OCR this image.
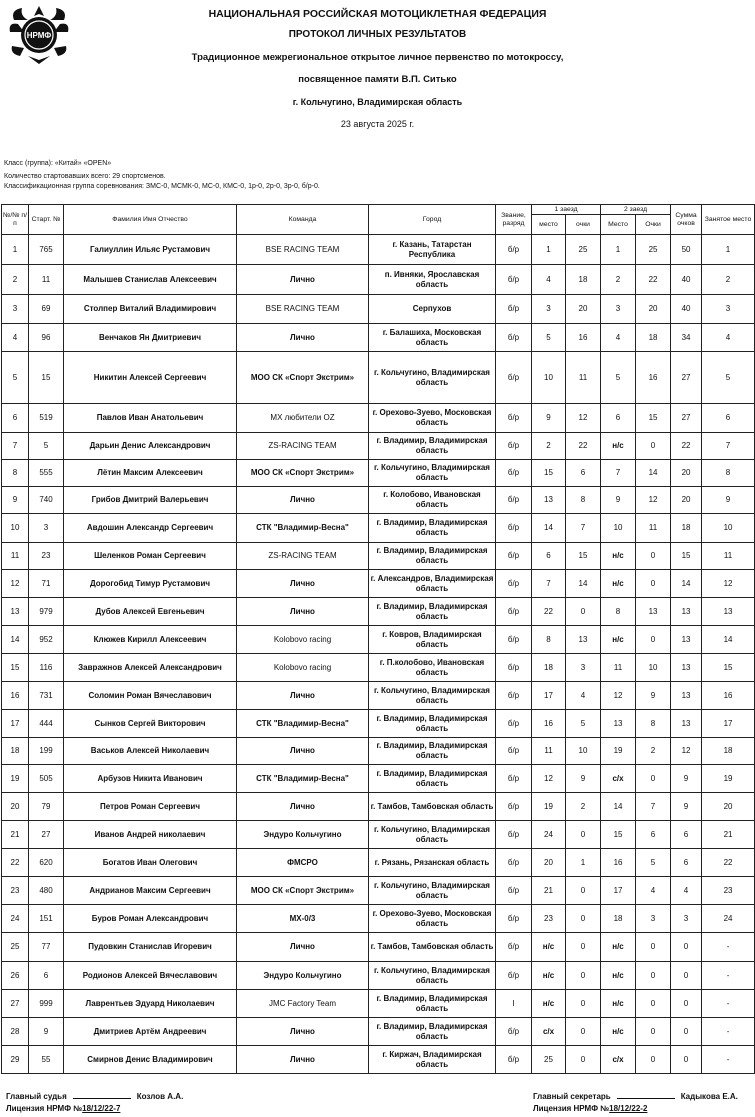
НРМФ
НАЦИОНАЛЬНАЯ РОССИЙСКАЯ МОТОЦИКЛЕТНАЯ ФЕДЕРАЦИЯ
ПРОТОКОЛ ЛИЧНЫХ РЕЗУЛЬТАТОВ
Традиционное межрегиональное открытое личное первенство по мотокроссу,
посвященное памяти В.П. Ситько
г. Кольчугино, Владимирская область
23 августа 2025 г.
Класс (группа): «Китай» «OPEN»
Количество стартовавших всего: 29 спортсменов.
Классификационная группа соревнования: ЗМС-0, МСМК-0, МС-0, КМС-0, 1р-0, 2р-0, 3р-0, б/р-0.
№/№ п/п	Старт. №	Фамилия Имя Отчество	Команда	Город	Звание, разряд	1 заезд		2 заезд		Сумма очков	Занятое место
						место	очки	Место	Очки		
1	765	Галиуллин Ильяс Рустамович	BSE RACING TEAM	г. Казань, Татарстан Республика	б/р	1	25	1	25	50	1
2	11	Малышев Станислав Алексеевич	Лично	п. Ивняки, Ярославская область	б/р	4	18	2	22	40	2
3	69	Столпер Виталий Владимирович	BSE RACING TEAM	Серпухов	б/р	3	20	3	20	40	3
4	96	Венчаков Ян Дмитриевич	Лично	г. Балашиха, Московская область	б/р	5	16	4	18	34	4
5	15	Никитин Алексей Сергеевич	МОО СК «Спорт Экстрим»	г. Кольчугино, Владимирская область	б/р	10	11	5	16	27	5
6	519	Павлов Иван Анатольевич	MX любители OZ	г. Орехово-Зуево, Московская область	б/р	9	12	6	15	27	6
7	5	Дарьин Денис Александрович	ZS-RACING TEAM	г. Владимир, Владимирская область	б/р	2	22	н/с	0	22	7
8	555	Лётин Максим Алексеевич	МОО СК «Спорт Экстрим»	г. Кольчугино, Владимирская область	б/р	15	6	7	14	20	8
9	740	Грибов Дмитрий Валерьевич	Лично	г. Колобово, Ивановская область	б/р	13	8	9	12	20	9
10	3	Авдошин Александр Сергеевич	СТК "Владимир-Весна"	г. Владимир, Владимирская область	б/р	14	7	10	11	18	10
11	23	Шеленков Роман Сергеевич	ZS-RACING TEAM	г. Владимир, Владимирская область	б/р	6	15	н/с	0	15	11
12	71	Дорогобид Тимур Рустамович	Лично	г. Александров, Владимирская область	б/р	7	14	н/с	0	14	12
13	979	Дубов Алексей Евгеньевич	Лично	г. Владимир, Владимирская область	б/р	22	0	8	13	13	13
14	952	Клюжев Кирилл Алексеевич	Kolobovo racing	г. Ковров, Владимирская область	б/р	8	13	н/с	0	13	14
15	116	Завражнов Алексей Александрович	Kolobovo racing	г. П.колобово, Ивановская область	б/р	18	3	11	10	13	15
16	731	Соломин Роман Вячеславович	Лично	г. Кольчугино, Владимирская область	б/р	17	4	12	9	13	16
17	444	Сынков Сергей Викторович	СТК "Владимир-Весна"	г. Владимир, Владимирская область	б/р	16	5	13	8	13	17
18	199	Васьков Алексей Николаевич	Лично	г. Владимир, Владимирская область	б/р	11	10	19	2	12	18
19	505	Арбузов Никита Иванович	СТК "Владимир-Весна"	г. Владимир, Владимирская область	б/р	12	9	с/х	0	9	19
20	79	Петров Роман Сергеевич	Лично	г. Тамбов, Тамбовская область	б/р	19	2	14	7	9	20
21	27	Иванов Андрей николаевич	Эндуро Кольчугино	г. Кольчугино, Владимирская область	б/р	24	0	15	6	6	21
22	620	Богатов Иван Олегович	ФМСРО	г. Рязань, Рязанская область	б/р	20	1	16	5	6	22
23	480	Андрианов Максим Сергеевич	МОО СК «Спорт Экстрим»	г. Кольчугино, Владимирская область	б/р	21	0	17	4	4	23
24	151	Буров Роман Александрович	MX-0/3	г. Орехово-Зуево, Московская область	б/р	23	0	18	3	3	24
25	77	Пудовкин Станислав Игоревич	Лично	г. Тамбов, Тамбовская область	б/р	н/с	0	н/с	0	0	-
26	6	Родионов Алексей Вячеславович	Эндуро Кольчугино	г. Кольчугино, Владимирская область	б/р	н/с	0	н/с	0	0	-
27	999	Лаврентьев Эдуард Николаевич	JMC Factory Team	г. Владимир, Владимирская область	I	н/с	0	н/с	0	0	-
28	9	Дмитриев Артём Андреевич	Лично	г. Владимир, Владимирская область	б/р	с/х	0	н/с	0	0	-
29	55	Смирнов Денис Владимирович	Лично	г. Киржач, Владимирская область	б/р	25	0	с/х	0	0	-
Главный судья	Козлов А.А.
Лицензия НРМФ №18/12/22-7
Главный секретарь	Кадыкова Е.А.
Лицензия НРМФ №18/12/22-2
